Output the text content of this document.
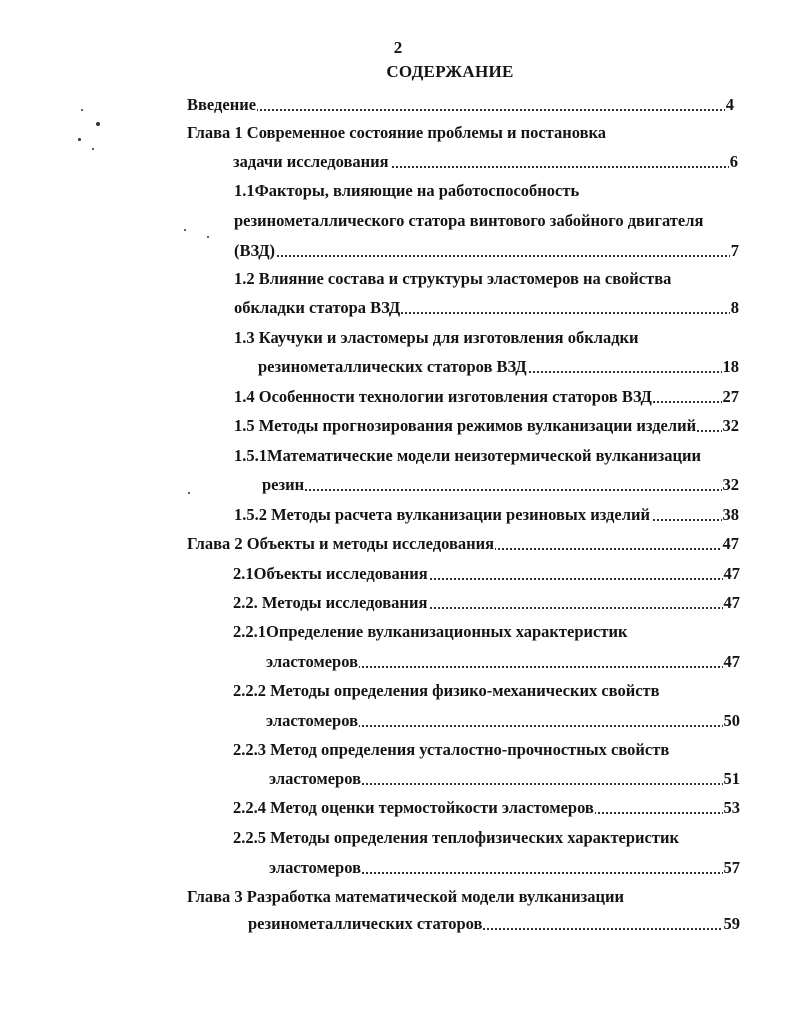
2
СОДЕРЖАНИЕ
Введение	4
Глава 1 Современное состояние проблемы и постановка
задачи исследования	6
1.1Факторы, влияющие на работоспособность
резинометаллического статора винтового забойного двигателя
(ВЗД)	7
1.2 Влияние состава и структуры эластомеров на свойства
обкладки статора ВЗД	8
1.3 Каучуки и эластомеры для изготовления обкладки
резинометаллических статоров ВЗД	18
1.4 Особенности технологии изготовления статоров ВЗД	27
1.5 Методы прогнозирования режимов вулканизации изделий 32
1.5.1Математические модели неизотермической вулканизации
резин	32
1.5.2 Методы расчета вулканизации резиновых изделий	38
Глава 2 Объекты и методы исследования	47
2.1Объекты исследования	47
2.2. Методы исследования	47
2.2.1Определение вулканизационных характеристик
эластомеров	47
2.2.2 Методы определения физико-механических свойств
эластомеров	50
2.2.3 Метод определения усталостно-прочностных свойств
эластомеров	51
2.2.4 Метод оценки термостойкости эластомеров	53
2.2.5 Методы определения теплофизических характеристик
эластомеров	57
Глава 3 Разработка математической модели вулканизации
резинометаллических статоров	59
